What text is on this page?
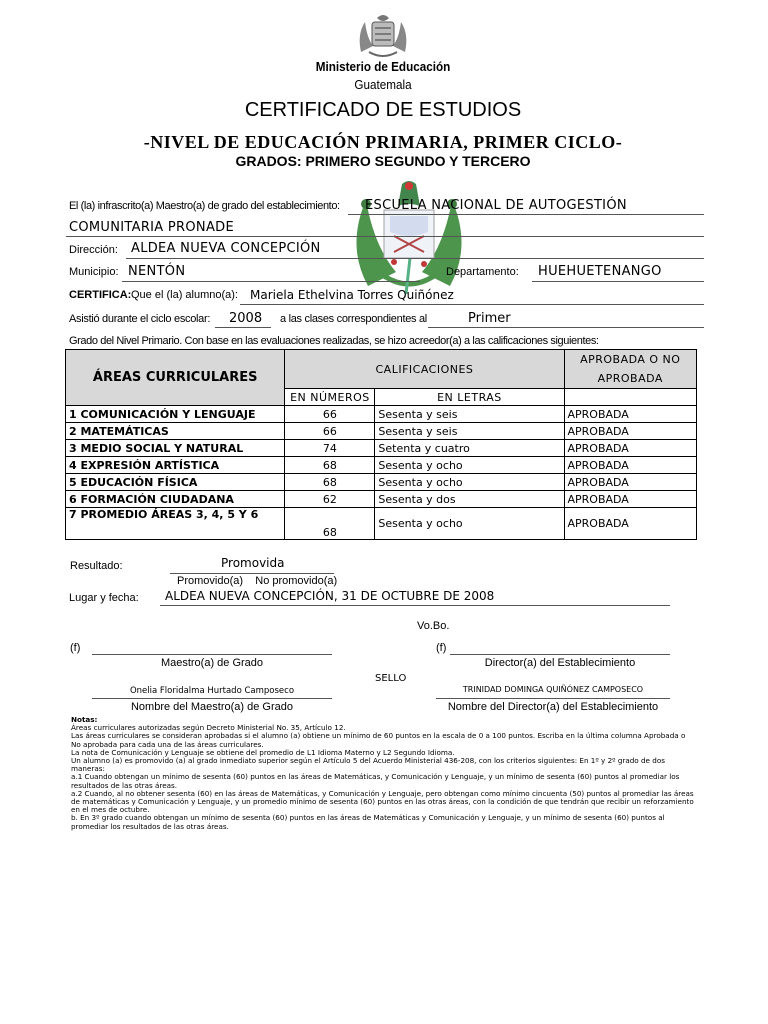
Ministerio de Educación
Guatemala
CERTIFICADO DE ESTUDIOS
-NIVEL DE EDUCACIÓN PRIMARIA, PRIMER CICLO-
GRADOS: PRIMERO SEGUNDO Y TERCERO
El (la) infrascrito(a) Maestro(a) de grado del establecimiento: ESCUELA NACIONAL DE AUTOGESTIÓN
COMUNITARIA PRONADE
Dirección: ALDEA NUEVA CONCEPCIÓN
Municipio: NENTÓN	Departamento: HUEHUETENANGO
CERTIFICA: Que el (la) alumno(a): Mariela Ethelvina Torres Quiñónez
Asistió durante el ciclo escolar: 2008 a las clases correspondientes al	Primer
Grado del Nivel Primario. Con base en las evaluaciones realizadas, se hizo acreedor(a) a las calificaciones siguientes:
ÁREAS CURRICULARES	CALIFICACIONES		APROBADA O NO
APROBADA
	EN NÚMEROS	EN LETRAS	
1 COMUNICACIÓN Y LENGUAJE	66	Sesenta y seis	APROBADA
2 MATEMÁTICAS	66	Sesenta y seis	APROBADA
3 MEDIO SOCIAL Y NATURAL	74	Setenta y cuatro	APROBADA
4 EXPRESIÓN ARTÍSTICA	68	Sesenta y ocho	APROBADA
5 EDUCACIÓN FÍSICA	68	Sesenta y ocho	APROBADA
6 FORMACIÓN CIUDADANA	62	Sesenta y dos	APROBADA
7 PROMEDIO ÁREAS 3, 4, 5 Y 6	68	Sesenta y ocho	APROBADA
Resultado:	Promovida
Promovido(a)    No promovido(a)
Lugar y fecha: ALDEA NUEVA CONCEPCIÓN, 31 DE OCTUBRE DE 2008
Vo.Bo.
(f)	(f)
Maestro(a) de Grado	Director(a) del Establecimiento
SELLO
Onelia Floridalma Hurtado Camposeco	TRINIDAD DOMINGA QUIÑÓNEZ CAMPOSECO
Nombre del Maestro(a) de Grado	Nombre del Director(a) del Establecimiento

Notas:

Áreas curriculares autorizadas según Decreto Ministerial No. 35, Artículo 12.

Las áreas curriculares se consideran aprobadas si el alumno (a) obtiene un mínimo de 60 puntos en la escala de 0 a 100 puntos. Escriba en la última columna Aprobada o No aprobada para cada una de las áreas curriculares.

La nota de Comunicación y Lenguaje se obtiene del promedio de L1 Idioma Materno y L2 Segundo Idioma.

Un alumno (a) es promovido (a) al grado inmediato superior según el Artículo 5 del Acuerdo Ministerial 436-208, con los criterios siguientes: En 1º y 2º grado de dos maneras:

a.1 Cuando obtengan un mínimo de sesenta (60) puntos en las áreas de Matemáticas, y Comunicación y Lenguaje, y un mínimo de sesenta (60) puntos al promediar los resultados de las otras áreas.

a.2 Cuando, al no obtener sesenta (60) en las áreas de Matemáticas, y Comunicación y Lenguaje, pero obtengan como mínimo cincuenta (50) puntos al promediar las áreas de matemáticas y Comunicación y Lenguaje, y un promedio mínimo de sesenta (60) puntos en las otras áreas, con la condición de que tendrán que recibir un reforzamiento en el mes de octubre.

b. En 3º grado cuando obtengan un mínimo de sesenta (60) puntos en las áreas de Matemáticas y Comunicación y Lenguaje, y un mínimo de sesenta (60) puntos al promediar los resultados de las otras áreas.
